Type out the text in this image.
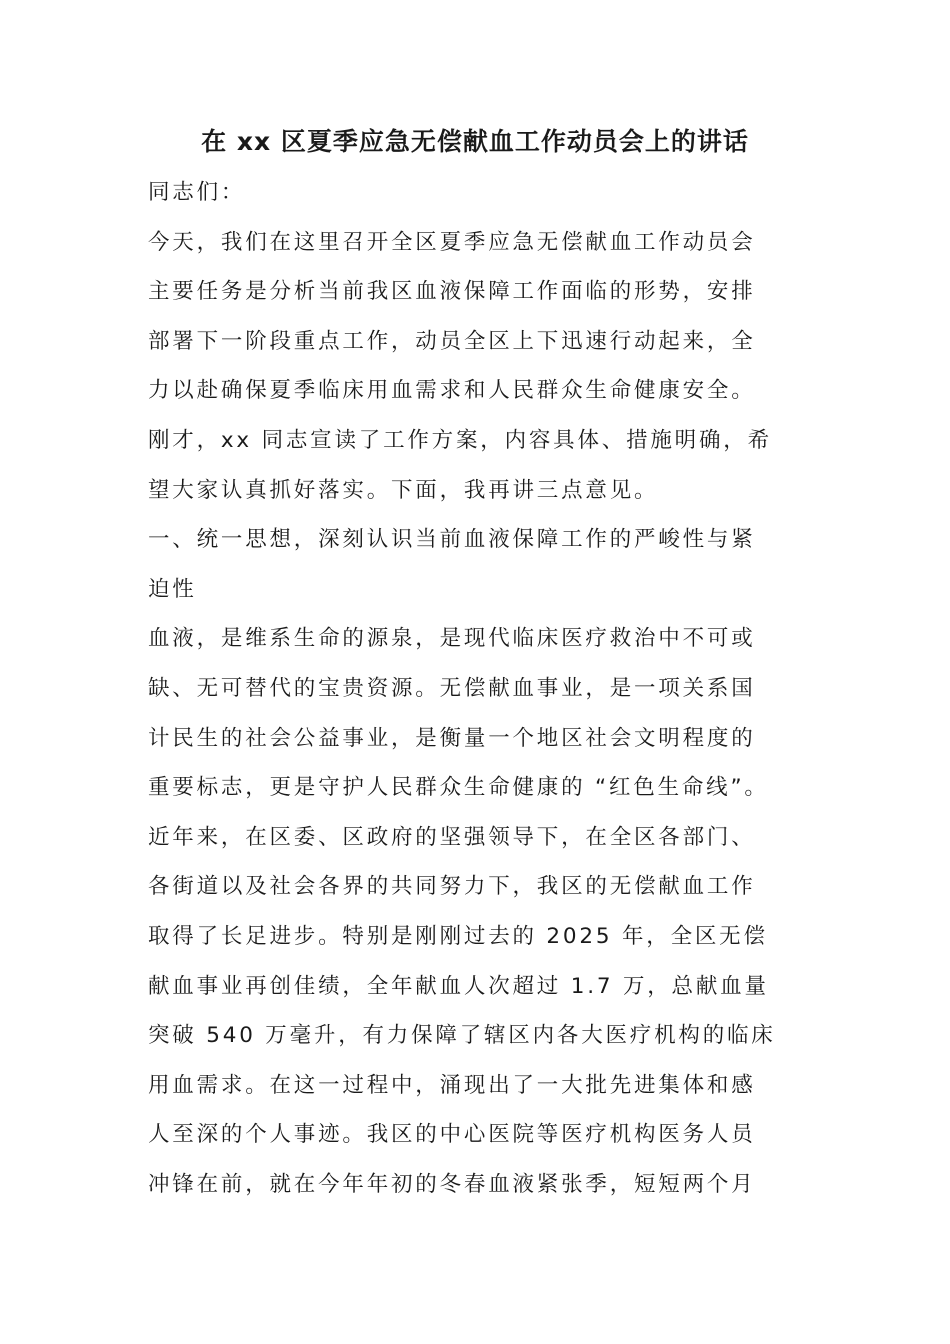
在 xx 区夏季应急无偿献血工作动员会上的讲话
同志们：
今天，我们在这里召开全区夏季应急无偿献血工作动员会
主要任务是分析当前我区血液保障工作面临的形势，安排
部署下一阶段重点工作，动员全区上下迅速行动起来，全
力以赴确保夏季临床用血需求和人民群众生命健康安全。
刚才，xx 同志宣读了工作方案，内容具体、措施明确，希
望大家认真抓好落实。下面，我再讲三点意见。
一、统一思想，深刻认识当前血液保障工作的严峻性与紧
迫性
血液，是维系生命的源泉，是现代临床医疗救治中不可或
缺、无可替代的宝贵资源。无偿献血事业，是一项关系国
计民生的社会公益事业，是衡量一个地区社会文明程度的
重要标志，更是守护人民群众生命健康的 “红色生命线”。
近年来，在区委、区政府的坚强领导下，在全区各部门、
各街道以及社会各界的共同努力下，我区的无偿献血工作
取得了长足进步。特别是刚刚过去的 2025 年，全区无偿
献血事业再创佳绩，全年献血人次超过 1.7 万，总献血量
突破 540 万毫升，有力保障了辖区内各大医疗机构的临床
用血需求。在这一过程中，涌现出了一大批先进集体和感
人至深的个人事迹。我区的中心医院等医疗机构医务人员
冲锋在前，就在今年年初的冬春血液紧张季，短短两个月
